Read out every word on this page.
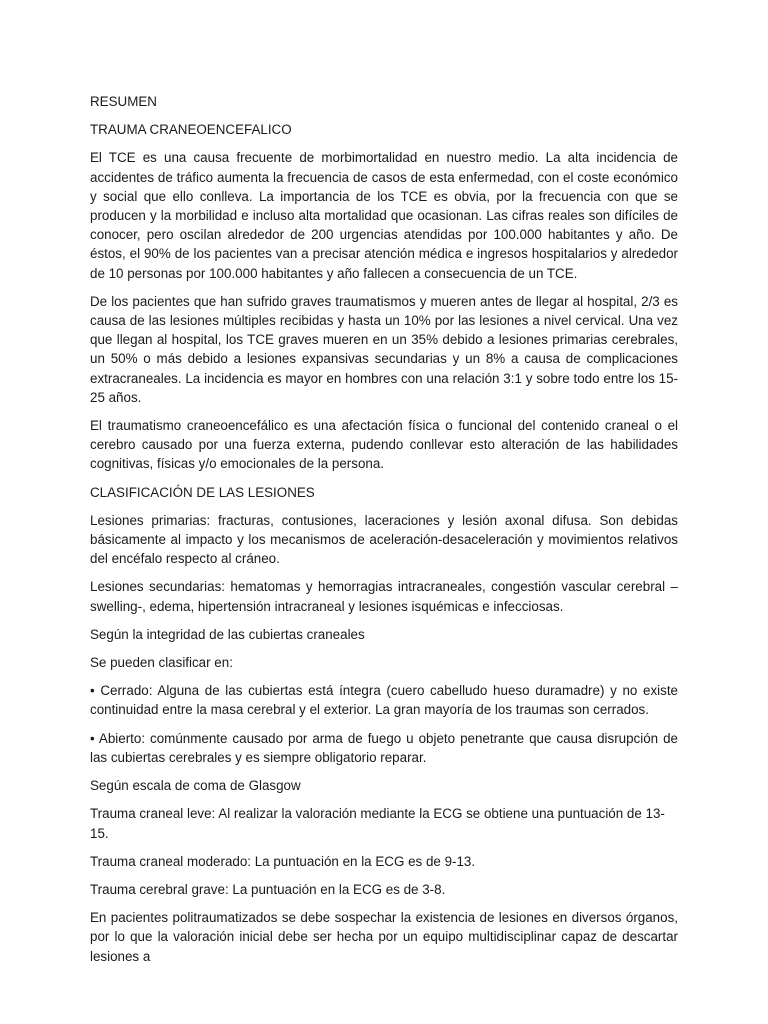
RESUMEN

TRAUMA CRANEOENCEFALICO

El TCE es una causa frecuente de morbimortalidad en nuestro medio. La alta incidencia de accidentes de tráfico aumenta la frecuencia de casos de esta enfermedad, con el coste económico y social que ello conlleva. La importancia de los TCE es obvia, por la frecuencia con que se producen y la morbilidad e incluso alta mortalidad que ocasionan. Las cifras reales son difíciles de conocer, pero oscilan alrededor de 200 urgencias atendidas por 100.000 habitantes y año. De éstos, el 90% de los pacientes van a precisar atención médica e ingresos hospitalarios y alrededor de 10 personas por 100.000 habitantes y año fallecen a consecuencia de un TCE.

De los pacientes que han sufrido graves traumatismos y mueren antes de llegar al hospital, 2/3 es causa de las lesiones múltiples recibidas y hasta un 10% por las lesiones a nivel cervical. Una vez que llegan al hospital, los TCE graves mueren en un 35% debido a lesiones primarias cerebrales, un 50% o más debido a lesiones expansivas secundarias y un 8% a causa de complicaciones extracraneales. La incidencia es mayor en hombres con una relación 3:1 y sobre todo entre los 15-25 años.

El traumatismo craneoencefálico es una afectación física o funcional del contenido craneal o el cerebro causado por una fuerza externa, pudendo conllevar esto alteración de las habilidades cognitivas, físicas y/o emocionales de la persona.

CLASIFICACIÓN DE LAS LESIONES

Lesiones primarias: fracturas, contusiones, laceraciones y lesión axonal difusa. Son debidas básicamente al impacto y los mecanismos de aceleración-desaceleración y movimientos relativos del encéfalo respecto al cráneo.

Lesiones secundarias: hematomas y hemorragias intracraneales, congestión vascular cerebral –swelling-, edema, hipertensión intracraneal y lesiones isquémicas e infecciosas.

Según la integridad de las cubiertas craneales

Se pueden clasificar en:

• Cerrado: Alguna de las cubiertas está íntegra (cuero cabelludo hueso duramadre) y no existe continuidad entre la masa cerebral y el exterior. La gran mayoría de los traumas son cerrados.

• Abierto: comúnmente causado por arma de fuego u objeto penetrante que causa disrupción de las cubiertas cerebrales y es siempre obligatorio reparar.

Según escala de coma de Glasgow

Trauma craneal leve: Al realizar la valoración mediante la ECG se obtiene una puntuación de 13-15.

Trauma craneal moderado: La puntuación en la ECG es de 9-13.

Trauma cerebral grave: La puntuación en la ECG es de 3-8.

En pacientes politraumatizados se debe sospechar la existencia de lesiones en diversos órganos, por lo que la valoración inicial debe ser hecha por un equipo multidisciplinar capaz de descartar lesiones a
